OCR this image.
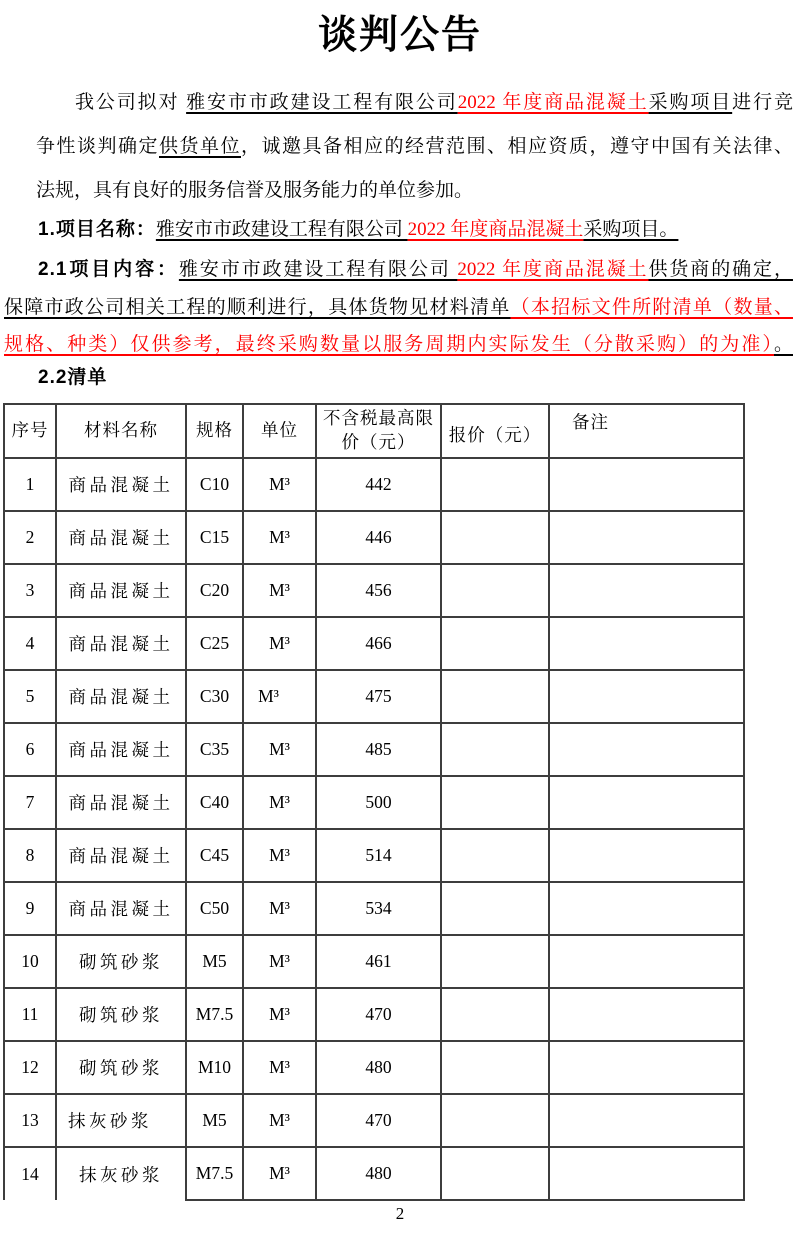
谈判公告
我公司拟对 雅安市市政建设工程有限公司2022 年度商品混凝土采购项目进行竞
争性谈判确定供货单位，诚邀具备相应的经营范围、相应资质，遵守中国有关法律、
法规，具有良好的服务信誉及服务能力的单位参加。
1.项目名称：雅安市市政建设工程有限公司 2022 年度商品混凝土采购项目。
2.1项目内容：雅安市市政建设工程有限公司 2022 年度商品混凝土供货商的确定，
保障市政公司相关工程的顺利进行，具体货物见材料清单（本招标文件所附清单（数量、
规格、种类）仅供参考，最终采购数量以服务周期内实际发生（分散采购）的为准）。
2.2清单
序号	材料名称	规格	单位	不含税最高限价（元）	报价（元）	备注
1	商品混凝土	C10	M³	442		
2	商品混凝土	C15	M³	446		
3	商品混凝土	C20	M³	456		
4	商品混凝土	C25	M³	466		
5	商品混凝土	C30	M³	475		
6	商品混凝土	C35	M³	485		
7	商品混凝土	C40	M³	500		
8	商品混凝土	C45	M³	514		
9	商品混凝土	C50	M³	534		
10	砌筑砂浆	M5	M³	461		
11	砌筑砂浆	M7.5	M³	470		
12	砌筑砂浆	M10	M³	480		
13	抹灰砂浆	M5	M³	470		
14	抹灰砂浆	M7.5	M³	480		
2
